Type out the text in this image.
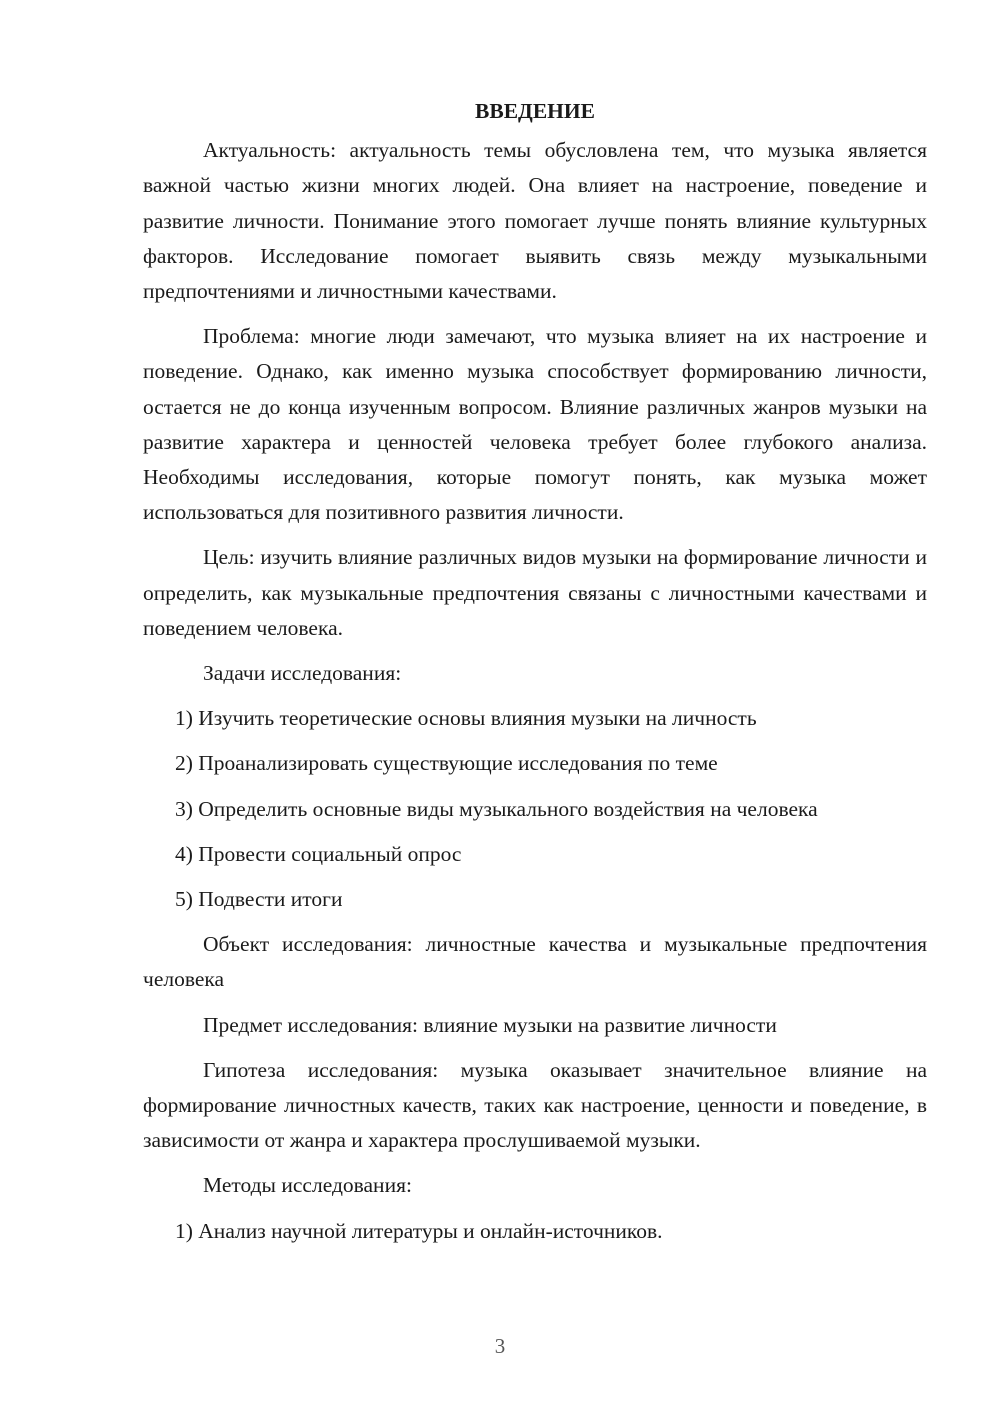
ВВЕДЕНИЕ

Актуальность: актуальность темы обусловлена тем, что музыка является важной частью жизни многих людей. Она влияет на настроение, поведение и развитие личности. Понимание этого помогает лучше понять влияние культурных факторов. Исследование помогает выявить связь между музыкальными предпочтениями и личностными качествами.

Проблема: многие люди замечают, что музыка влияет на их настроение и поведение. Однако, как именно музыка способствует формированию личности, остается не до конца изученным вопросом. Влияние различных жанров музыки на развитие характера и ценностей человека требует более глубокого анализа. Необходимы исследования, которые помогут понять, как музыка может использоваться для позитивного развития личности.

Цель: изучить влияние различных видов музыки на формирование личности и определить, как музыкальные предпочтения связаны с личностными качествами и поведением человека.

Задачи исследования:

1) Изучить теоретические основы влияния музыки на личность

2) Проанализировать существующие исследования по теме

3) Определить основные виды музыкального воздействия на человека

4) Провести социальный опрос

5) Подвести итоги

Объект исследования: личностные качества и музыкальные предпочтения человека

Предмет исследования: влияние музыки на развитие личности

Гипотеза исследования: музыка оказывает значительное влияние на формирование личностных качеств, таких как настроение, ценности и поведение, в зависимости от жанра и характера прослушиваемой музыки.

Методы исследования:

1) Анализ научной литературы и онлайн-источников.

3
